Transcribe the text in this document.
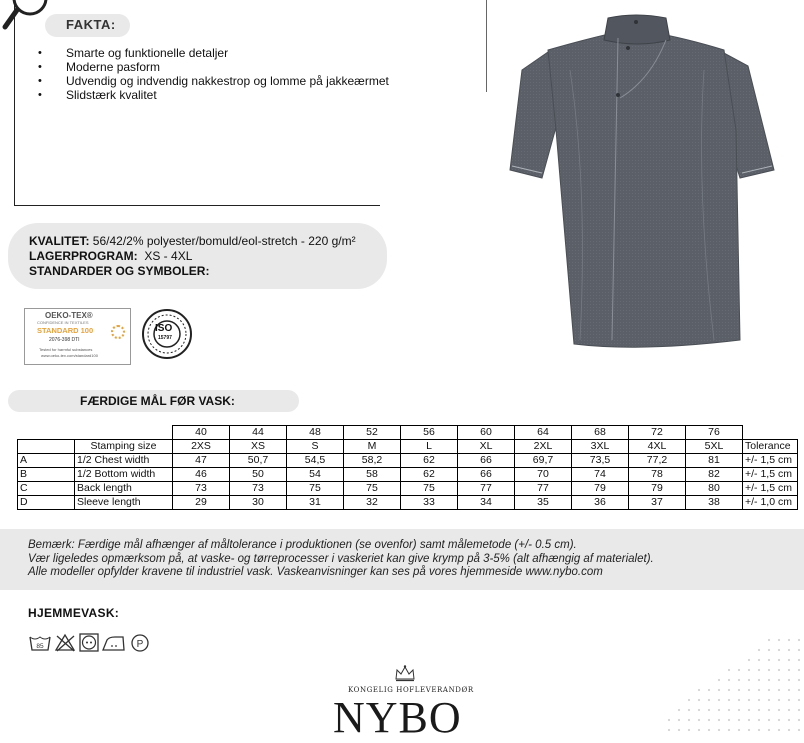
FAKTA:
• Smarte og funktionelle detaljer
• Moderne pasform
• Udvendig og indvendig nakkestrop og lomme på jakkeærmet
• Slidstærk kvalitet
KVALITET: 56/42/2% polyester/bomuld/eol-stretch - 220 g/m²
LAGERPROGRAM: XS - 4XL
STANDARDER OG SYMBOLER:
OEKO-TEX®
CONFIDENCE IN TEXTILES
STANDARD 100
2076-398 DTI
Tested for harmful substances
www.oeko-tex.com/standard100
ISO
15797
FÆRDIGE MÅL FØR VASK:
		40	44	48	52	56	60	64	68	72	76	
	Stamping size	2XS	XS	S	M	L	XL	2XL	3XL	4XL	5XL	Tolerance
A	1/2 Chest width	47	50,7	54,5	58,2	62	66	69,7	73,5	77,2	81	+/- 1,5 cm
B	1/2 Bottom width	46	50	54	58	62	66	70	74	78	82	+/- 1,5 cm
C	Back length	73	73	75	75	75	77	77	79	79	80	+/- 1,5 cm
D	Sleeve length	29	30	31	32	33	34	35	36	37	38	+/- 1,0 cm
Bemærk: Færdige mål afhænger af måltolerance i produktionen (se ovenfor) samt målemetode (+/- 0.5 cm).
Vær ligeledes opmærksom på, at vaske- og tørreprocesser i vaskeriet kan give krymp på 3-5% (alt afhængig af materialet).
Alle modeller opfylder kravene til industriel vask. Vaskeanvisninger kan ses på vores hjemmeside www.nybo.com
HJEMMEVASK:
85	P
KONGELIG HOFLEVERANDØR
NYBO
